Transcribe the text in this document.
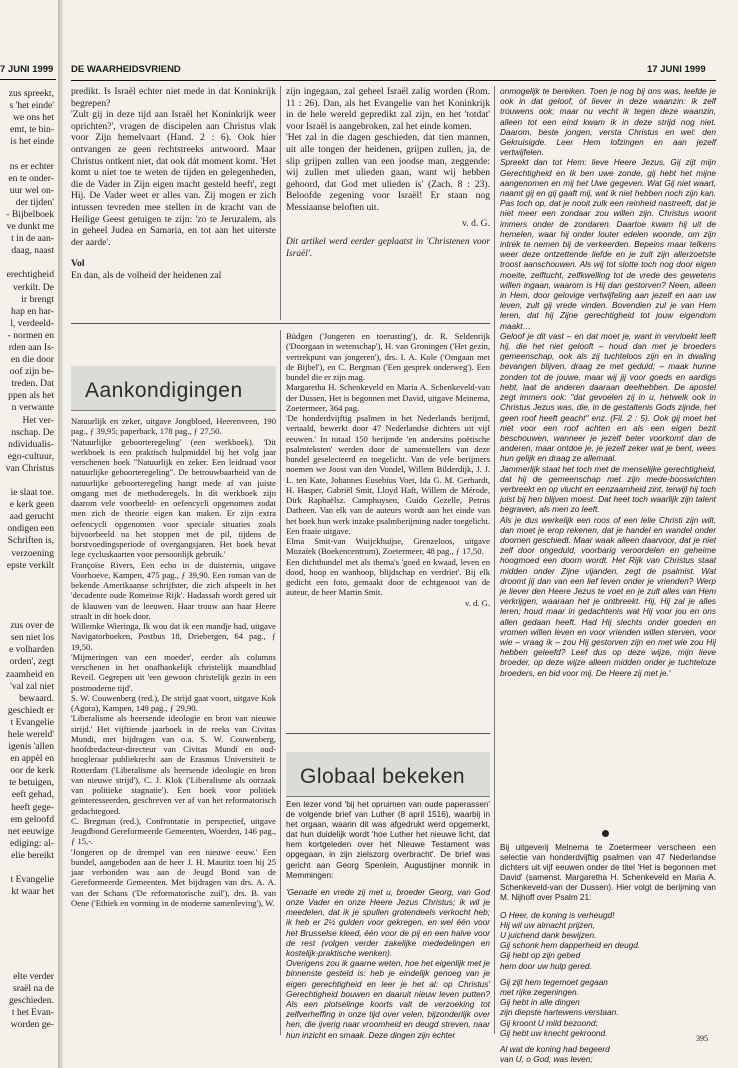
7 JUNI 1999
zus spreekt,
s 'het einde'
we ons het
emt, te bin-
is het einde

ns er echter
en te onder-
uur wel on-
der tijden'
- Bijbelboek
ve dunkt me
t in de aan-
daag, naast

erechtigheid
verkilt. De
ir brengt
hap en har-
l, verdeeld-
- normen en
rden aan Is-
en die door
oof zijn be-
treden. Dat
ppen als het
n verwante
Het ver-
nschap. De
ndividualis-
ego-cultuur,
van Christus

ie slaat toe.
e kerk geen
aad gerucht
ondigen een
Schriften is,
verzoening
epste verkilt

zus over de
sen niet los
e volharden
orden', zegt
zaamheid en
'val zal niet
bewaard.
geschiedt er
t Evangelie
hele wereld'
igenis 'allen
en appèl en
oor de kerk
te betuigen,
eeft gehad,
heeft gege-
em geloofd
net eeuwige
ediging: al-
elie bereikt

t Evangelie
kt waar het

elte verder
sraël na de
geschieden.
t het Evan-
worden ge-
DE WAARHEIDSVRIEND	17 JUNI 1999

predikt. Is Israël echter niet mede in dat Koninkrijk begrepen?

'Zult gij in deze tijd aan Israël het Koninkrijk weer oprichten?', vragen de discipelen aan Christus vlak voor Zijn hemelvaart (Hand. 2 : 6). Ook hier ontvangen ze geen rechtstreeks antwoord. Maar Christus ontkent niet, dat ook dát moment komt. 'Het komt u niet toe te weten de tijden en gelegenheden, die de Vader in Zijn eigen macht gesteld heeft', zegt Hij. De Vader weet er alles van. Zij mogen er zich intussen tevreden mee stellen in de kracht van de Heilige Geest getuigen te zijn: 'zo te Jeruzalem, als in geheel Judea en Samaria, en tot aan het uiterste der aarde'.

Vol

En dan, als de volheid der heidenen zal

zijn ingegaan, zal geheel Israël zalig worden (Rom. 11 : 26). Dan, als het Evangelie van het Koninkrijk in de hele wereld gepredikt zal zijn, en het 'totdat' voor Israël is aangebroken, zal het einde komen.

'Het zal in die dagen geschieden, dat tien mannen, uit alle tongen der heidenen, grijpen zullen, ja, de slip grijpen zullen van een joodse man, zeggende: wij zullen met ulieden gaan, want wij hebben gehoord, dat God met ulieden is' (Zach. 8 : 23). Beloofde zegening voor Israël! Er staan nog Messiaanse beloften uit.

v. d. G.

Dit artikel werd eerder geplaatst in 'Christenen voor Israël'.

Aankondigingen

Natuurlijk en zeker, uitgave Jongbloed, Heerenveen, 190 pag., ƒ 39,95; paperback, 178 pag., ƒ 27,50.

'Natuurlijke geboorteregeling' (een werkboek). 'Dit werkboek is een praktisch hulpmiddel bij het volg jaar verschenen boek "Natuurlijk en zeker. Een leidraad voor natuurlijke geboorteregeling". De betrouwbaarheid van de natuurlijke geboorteregeling hangt mede af van juiste omgang met de methoderegels. In dit werkboek zijn daarom vele voorbeeld- en oefencycli opgenomen zodat men zich de theorie eigen kan maken. Er zijn extra oefencycli opgenomen voor speciale situaties zoals bijvoorbeeld na het stoppen met de pil, tijdens de borstvoedingsperiode of overgangsjaren. Het boek bevat lege cycluskaarten voor persoonlijk gebruik.'

Françoise Rivers, Een echo in de duisternis, uitgave Voorhoeve, Kampen, 475 pag., ƒ 39,90. Een roman van de bekende Amerikaanse schrijfster, die zich afspeelt in het 'decadente oude Romeinse Rijk'. Hadassah wordt gered uit de klauwen van de leeuwen. Haar trouw aan haar Heere straalt in dit boek door.

Willemke Wieringa, Ik wou dat ik een mandje had, uitgave Navigatorboeken, Postbus 18, Driebergen, 64 pag., ƒ 19,50.

'Mijmeringen van een moeder', eerder als columns verschenen in het onafhankelijk christelijk maandblad Reveil. Gegrepen uit 'een gewoon christelijk gezin in een postmoderne tijd'.

S. W. Couwenberg (red.), De strijd gaat voort, uitgave Kok (Agora), Kampen, 149 pag., ƒ 29,90.

'Liberalisme als heersende ideologie en bron van nieuwe strijd.' Het vijftiende jaarboek in de reeks van Civitas Mundi, met bijdragen van o.a. S. W. Couwenberg, hoofdredacteur-directeur van Civitas Mundi en oud-hoogleraar publiekrecht aan de Erasmus Universiteit te Rotterdam ('Liberalisme als heersende ideologie en bron van nieuwe strijd'), C. J. Klok ('Liberalisme als oorzaak van politieke stagnatie'). Een boek voor politiek geïnteresseerden, geschreven ver af van het reformatorisch gedachtegoed.

C. Bregman (red.), Confrontatie in perspectief, uitgave Jeugdbond Gereformeerde Gemeenten, Woerden, 146 pag., ƒ 15,-.

'Jongeren op de drempel van een nieuwe eeuw.' Een bundel, aangeboden aan de heer J. H. Mauritz toen hij 25 jaar verbonden was aan de Jeugd Bond van de Gereformeerde Gemeenten. Met bijdragen van drs. A. A. van der Schans ('De reformatorische zuil'), drs. B. van Oene ('Ethiek en vorming in de moderne samenleving'), W.

Büdgen ('Jongeren en toerusting'), dr. R. Seldenrijk ('Doorgaan in wetenschap'), H. van Groningen ('Het gezin, vertrekpunt van jongeren'), drs. I. A. Kole ('Omgaan met de Bijbel'), en C. Bergman ('Een gesprek onderweg'). Een bundel die er zijn mag.

Margaretha H. Schenkeveld en Maria A. Schenkeveld-van der Dussen, Het is begonnen met David, uitgave Meinema, Zoetermeer, 364 pag.

'De honderdvijftig psalmen in het Nederlands berijmd, vertaald, bewerkt door 47 Nederlandse dichters uit vijf eeuwen.' In totaal 150 berijmde 'en andersins poëtische psalmteksten' werden door de samenstellers van deze bundel geselecteerd en toegelicht. Van de vele berijmers noemen we Joost van den Vondel, Willem Bilderdijk, J. J. L. ten Kate, Johannes Eusebius Voet, Ida G. M. Gerhardt, H. Hasper, Gabriël Smit, Lloyd Haft, Willem de Mérode, Dirk Raphaëlsz. Camphuysen, Guido Gezelle, Petrus Datheen. Van elk van de auteurs wordt aan het einde van het boek hun werk inzake psalmberijming nader toegelicht. Een fraaie uitgave.

Elma Smit-van Wuijckhuijse, Grenzeloos, uitgave Mozaïek (Boekencentrum), Zoetermeer, 48 pag., ƒ 17,50.

Een dichtbundel met als thema's 'goed en kwaad, leven en dood, hoop en wanhoop, blijdschap en verdriet'. Bij elk gedicht een foto, gemaakt door de echtgenoot van de auteur, de heer Martin Smit.

v. d. G.

Globaal bekeken

Een lezer vond 'bij het opruimen van oude paperassen' de volgende brief van Luther (8 april 1516), waarbij in het orgaan, waarin dit was afgedrukt werd opgemerkt, dat hun duidelijk wordt 'hoe Luther het nieuwe licht, dat hem kortgeleden over het Nieuwe Testament was opgegaan, in zijn zielszorg overbracht'. De brief was gericht aan Georg Spenlein, Augustijner monnik in Memmingen:

'Genade en vrede zij met u, broeder Georg, van God onze Vader en onze Heere Jezus Christus; ik wil je meedelen, dat ik je spullen grotendeels verkocht heb; ik heb er 2½ gulden voor gekregen, en wel één voor het Brusselse kleed, één voor de pij en een halve voor de rest (volgen verder zakelijke mededelingen en kostelijk-praktische wenken).

Overigens zou ik gaarne weten, hoe het eigenlijk met je binnenste gesteld is: heb je eindelijk genoeg van je eigen gerechtigheid en leer je het al: op Christus' Gerechtigheid bouwen en daaruit nieuw leven putten? Als een plotselinge koorts valt de verzoeking tot zelfverheffing in onze tijd over velen, bijzonderlijk over hen, die ijverig naar vroomheid en deugd streven, naar hun inzicht en smaak. Deze dingen zijn echter

onmogelijk te bereiken. Toen je nog bij ons was, leefde je ook in dat geloof, of liever in deze waanzin: ik zelf trouwens ook; maar nu vecht ik tegen deze waanzin, alleen tot een eind kwam ik in deze strijd nog niet. Daarom, beste jongen, versta Christus en wel: den Gekruisigde. Leer Hem lofzingen en aan jezelf vertwijfelen.

Spreekt dan tot Hem: lieve Heere Jezus, Gij zijt mijn Gerechtigheid en Ik ben uwe zonde, gij hebt het mijne aangenomen en mij het Uwe gegeven. Wat Gij niet waart, naamt gij en gij gaaft mij, wat ik niet hebben noch zijn kan. Pas toch op, dat je nooit zulk een reinheid nastreeft, dat je niet meer een zondaar zou willen zijn. Christus woont immers onder de zondaren. Daartoe kwam hij uit de hemelen, waar hij onder louter edelen woonde, om zijn intrek te nemen bij de verkeerden. Bepeins maar telkens weer deze ontzettende liefde en je zult zijn allerzoetste troost aanschouwen. Als wij tot slotte toch nog door eigen moeite, zelftucht, zelfkwelling tot de vrede des gewetens willen ingaan, waarom is Hij dan gestorven? Neen, alleen in Hem, door gelovige vertwijfeling aan jezelf en aan uw leven, zult gij vrede vinden. Bovendien zul je van Hem leren, dat hij Zijne gerechtigheid tot jouw eigendom maakt…

Geloof je dit vast – en dat moet je, want in vervloekt leeft hij, die het niet gelooft – houd dan met je broeders gemeenschap, ook als zij tuchteloos zijn en in dwaling bevangen blijven, draag ze met geduld; – maak hunne zonden tot de jouwe, maar wij jij voor goeds en aardigs hebt, laat de anderen daaraan deelhebben. De apostel zegt immers ook: "dat gevoelen zij in u, hetwelk ook in Christus Jezus was, die, in de gestaltenis Gods zijnde, het geen roof heeft geacht" enz. (Fil. 2 : 5). Ook gij moet het niet voor een roof achten en als een eigen bezit beschouwen, wanneer je jezelf beter voorkomt dan de anderen, maar ontdoe je, je jezelf zeker wat je bent, wees hun gelijk en draag ze allemaal.

Jammerlijk staat het toch met de menselijke gerechtigheid, dat hij de gemeenschap met zijn mede-booswichten verbreekt en op vlucht en eenzaamheid zint, terwijl hij toch juist bij hen blijven moest. Dat heet toch waarlijk zijn talent begraven, als men zo leeft.

Als je dus werkelijk een roos of een lelie Christi zijn wilt, dan moet je erop rekenen, dat je handel en wandel onder doornen geschiedt. Maar waak alleen daarvoor, dat je niet zelf door ongeduld, voorbarig veroordelen en geheime hoogmoed een doorn wordt. Het Rijk van Christus staat midden onder Zijne vijanden, zegt de psalmist. Wat droomt jij dan van een lief leven onder je vrienden? Werp je liever den Heere Jezus te voet en je zult alles van Hem verkrijgen, waaraan het je ontbreekt. Hij, Hij zal je alles leren; houd maar in gedachtenis wat Hij voor jou en ons allen gedaan heeft. Had Hij slechts onder goeden en vromen willen leven en voor vrienden willen sterven, voor wie – vraag ik – zou Hij gestorven zijn en met wie zou Hij hebben geleefd? Leef dus op deze wijze, mijn lieve broeder, op deze wijze alleen midden onder je tuchteloze broeders, en bid voor mij. De Heere zij met je.'

Bij uitgeverij Melnema te Zoetermeer verscheen een selectie van honderdvijftig psalmen van 47 Nederlandse dichters uit vijf eeuwen onder de titel 'Het is begonnen met David' (samenst. Margaretha H. Schenkeveld en Maria A. Schenkeveld-van der Dussen). Hier volgt de berijming van M. Nijhoff over Psalm 21:

O Heer, de koning is verheugd!
Hij wil uw almacht prijzen,
U juichend dank bewijzen.
Gij schonk hem dapperheid en deugd.
Gij hebt op zijn gebed
hem door uw hulp gered.
Gij zijt hem tegemoet gegaan
met rijke zegeningen.
Gij hebt in alle dingen
zijn diepste hartewens verstaan.
Gij kroont U mild bezoond;
Gij hebt uw knecht gekroond.
Al wat de koning had begeerd
van U, o God, was leven;
395
